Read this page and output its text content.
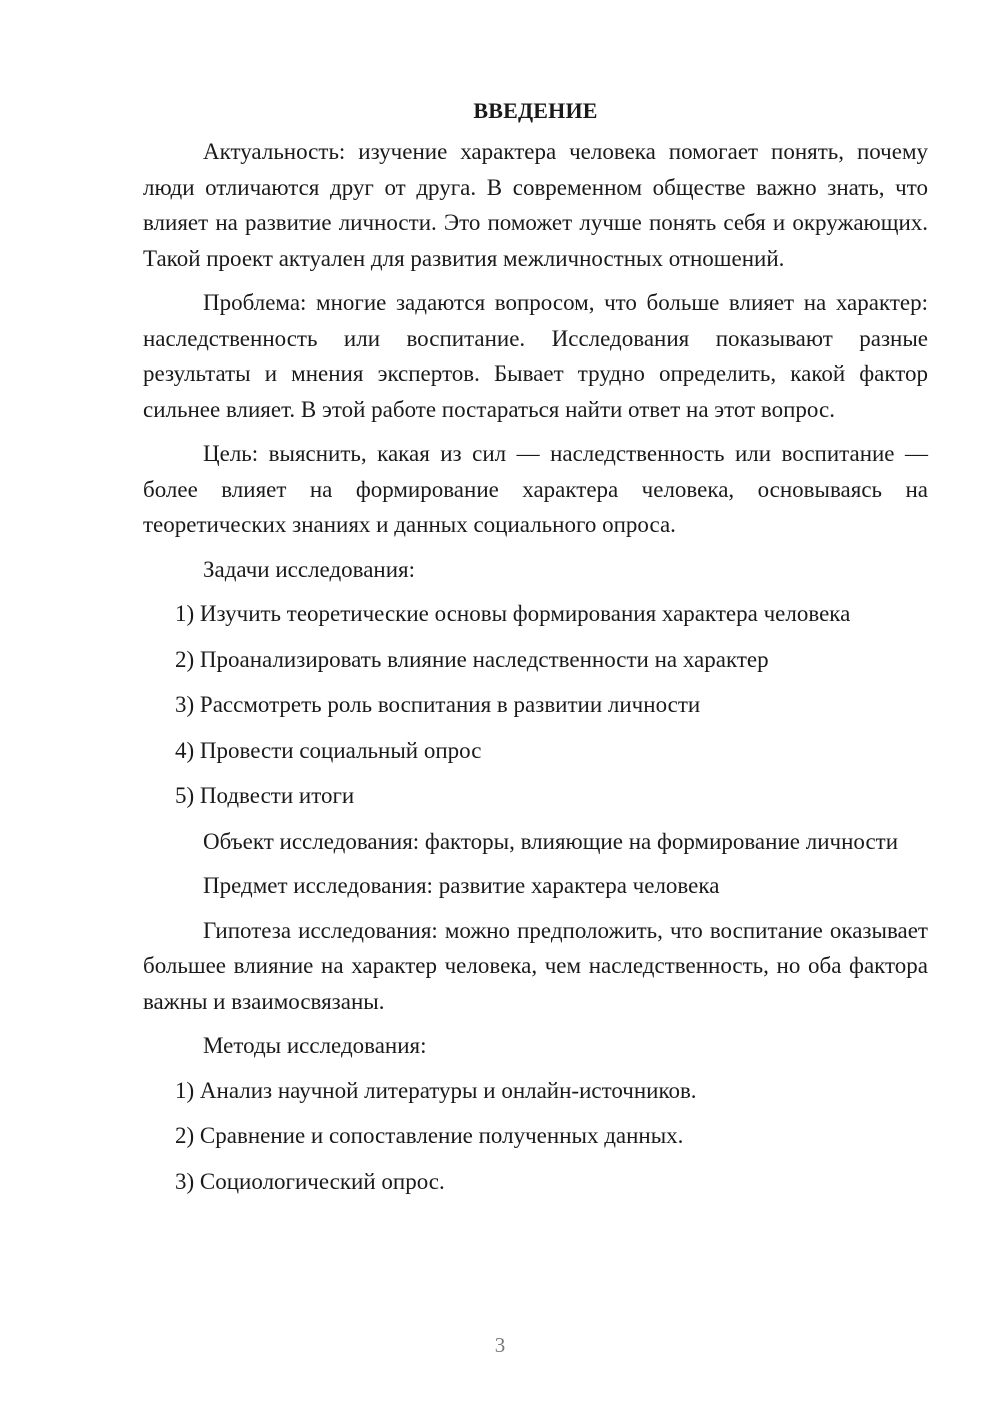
ВВЕДЕНИЕ

Актуальность: изучение характера человека помогает понять, почему люди отличаются друг от друга. В современном обществе важно знать, что влияет на развитие личности. Это поможет лучше понять себя и окружающих. Такой проект актуален для развития межличностных отношений.

Проблема: многие задаются вопросом, что больше влияет на характер: наследственность или воспитание. Исследования показывают разные результаты и мнения экспертов. Бывает трудно определить, какой фактор сильнее влияет. В этой работе постараться найти ответ на этот вопрос.

Цель: выяснить, какая из сил — наследственность или воспитание — более влияет на формирование характера человека, основываясь на теоретических знаниях и данных социального опроса.

Задачи исследования:

1) Изучить теоретические основы формирования характера человека
2) Проанализировать влияние наследственности на характер
3) Рассмотреть роль воспитания в развитии личности
4) Провести социальный опрос
5) Подвести итоги

Объект исследования: факторы, влияющие на формирование личности

Предмет исследования: развитие характера человека

Гипотеза исследования: можно предположить, что воспитание оказывает большее влияние на характер человека, чем наследственность, но оба фактора важны и взаимосвязаны.

Методы исследования:

1) Анализ научной литературы и онлайн-источников.
2) Сравнение и сопоставление полученных данных.
3) Социологический опрос.
3
